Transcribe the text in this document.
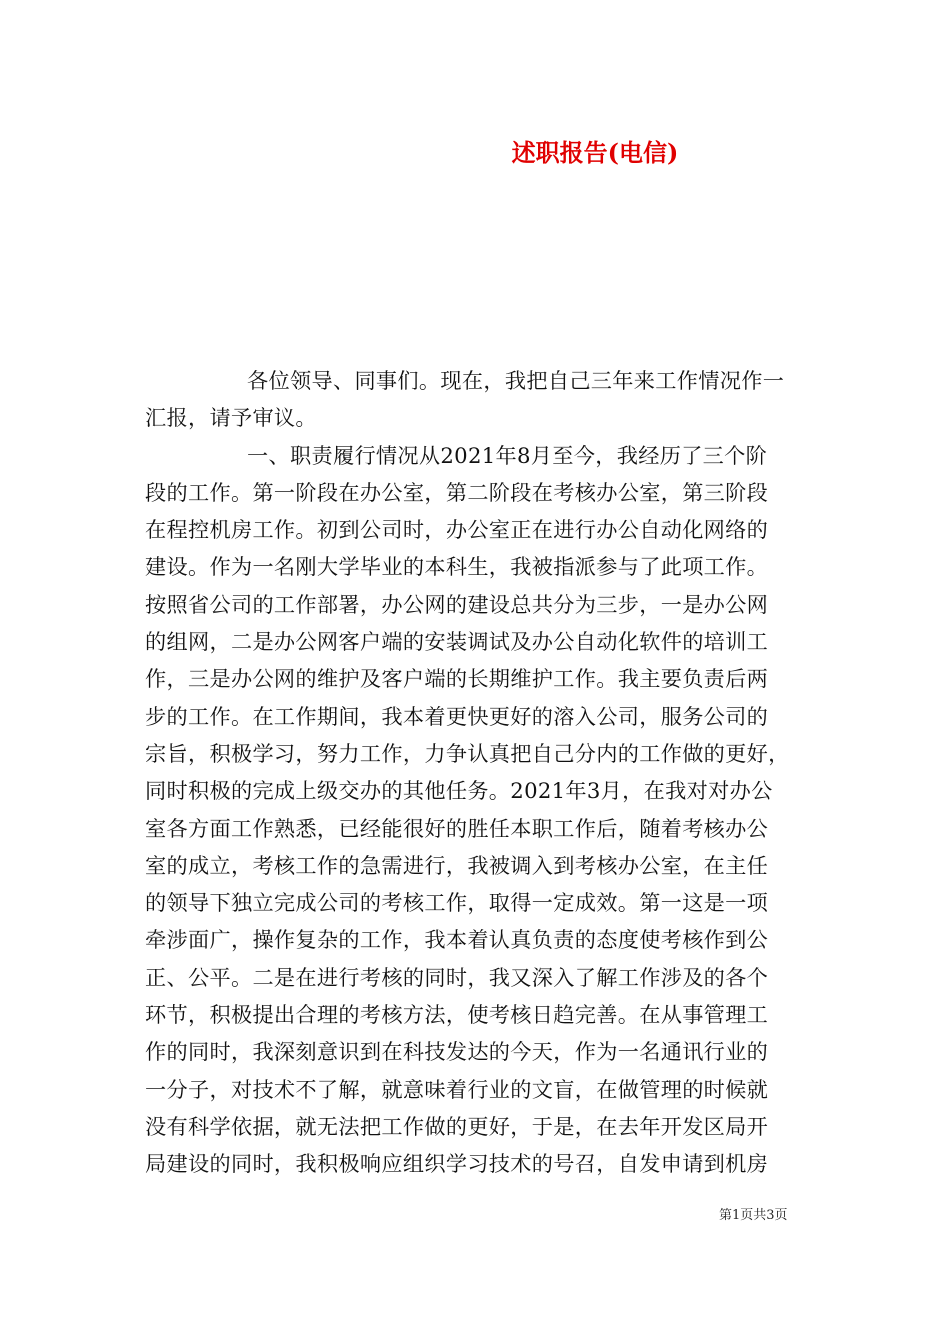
述职报告(电信)
各位领导、同事们。现在，我把自己三年来工作情况作一
汇报，请予审议。
一、职责履行情况从2021年8月至今，我经历了三个阶
段的工作。第一阶段在办公室，第二阶段在考核办公室，第三阶段
在程控机房工作。初到公司时，办公室正在进行办公自动化网络的
建设。作为一名刚大学毕业的本科生，我被指派参与了此项工作。
按照省公司的工作部署，办公网的建设总共分为三步，一是办公网
的组网，二是办公网客户端的安装调试及办公自动化软件的培训工
作，三是办公网的维护及客户端的长期维护工作。我主要负责后两
步的工作。在工作期间，我本着更快更好的溶入公司，服务公司的
宗旨，积极学习，努力工作，力争认真把自己分内的工作做的更好，
同时积极的完成上级交办的其他任务。2021年3月，在我对对办公
室各方面工作熟悉，已经能很好的胜任本职工作后，随着考核办公
室的成立，考核工作的急需进行，我被调入到考核办公室，在主任
的领导下独立完成公司的考核工作，取得一定成效。第一这是一项
牵涉面广，操作复杂的工作，我本着认真负责的态度使考核作到公
正、公平。二是在进行考核的同时，我又深入了解工作涉及的各个
环节，积极提出合理的考核方法，使考核日趋完善。在从事管理工
作的同时，我深刻意识到在科技发达的今天，作为一名通讯行业的
一分子，对技术不了解，就意味着行业的文盲，在做管理的时候就
没有科学依据，就无法把工作做的更好，于是，在去年开发区局开
局建设的同时，我积极响应组织学习技术的号召，自发申请到机房
第1页共3页
